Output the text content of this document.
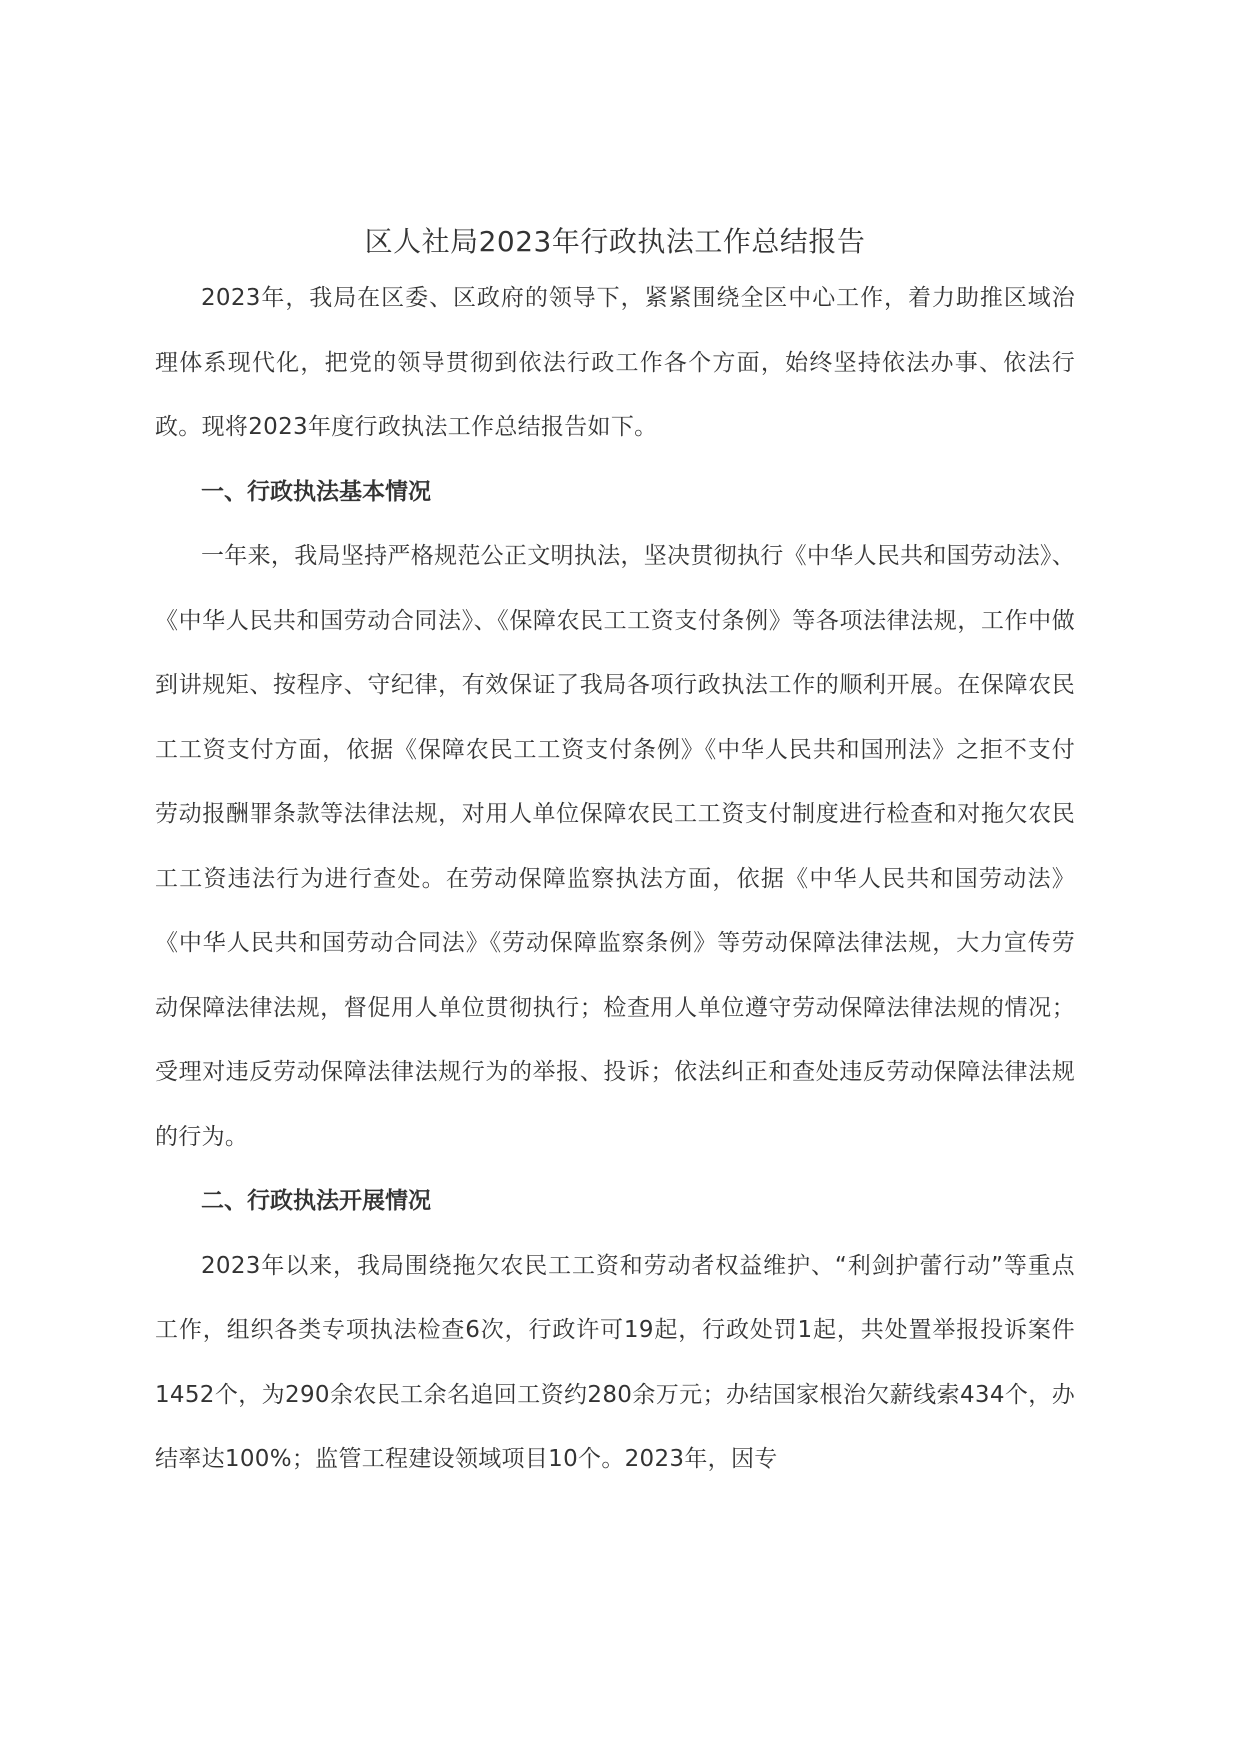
区人社局2023年行政执法工作总结报告

2023年，我局在区委、区政府的领导下，紧紧围绕全区中心工作，着力助推区域治理体系现代化，把党的领导贯彻到依法行政工作各个方面，始终坚持依法办事、依法行政。现将2023年度行政执法工作总结报告如下。

一、行政执法基本情况

一年来，我局坚持严格规范公正文明执法，坚决贯彻执行《中华人民共和国劳动法》、《中华人民共和国劳动合同法》、《保障农民工工资支付条例》等各项法律法规，工作中做到讲规矩、按程序、守纪律，有效保证了我局各项行政执法工作的顺利开展。在保障农民工工资支付方面，依据《保障农民工工资支付条例》《中华人民共和国刑法》之拒不支付劳动报酬罪条款等法律法规，对用人单位保障农民工工资支付制度进行检查和对拖欠农民工工资违法行为进行查处。在劳动保障监察执法方面，依据《中华人民共和国劳动法》《中华人民共和国劳动合同法》《劳动保障监察条例》等劳动保障法律法规，大力宣传劳动保障法律法规，督促用人单位贯彻执行；检查用人单位遵守劳动保障法律法规的情况；受理对违反劳动保障法律法规行为的举报、投诉；依法纠正和查处违反劳动保障法律法规的行为。

二、行政执法开展情况

2023年以来，我局围绕拖欠农民工工资和劳动者权益维护、“利剑护蕾行动”等重点工作，组织各类专项执法检查6次，行政许可19起，行政处罚1起，共处置举报投诉案件1452个，为290余农民工余名追回工资约280余万元；办结国家根治欠薪线索434个，办结率达100%；监管工程建设领域项目10个。2023年，因专
